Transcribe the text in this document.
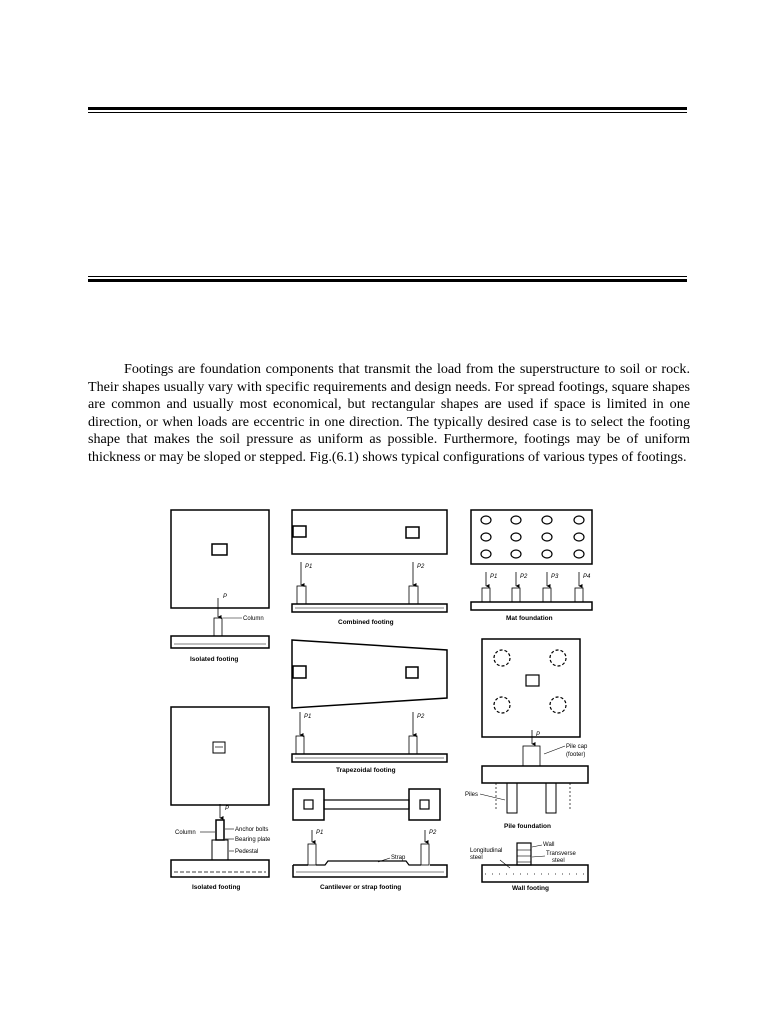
Footings are foundation components that transmit the load from the superstructure to soil or rock. Their shapes usually vary with specific requirements and design needs. For spread footings, square shapes are common and usually most economical, but rectangular shapes are used if space is limited in one direction, or when loads are eccentric in one direction. The typically desired case is to select the footing shape that makes the soil pressure as uniform as possible. Furthermore, footings may be of uniform thickness or may be sloped or stepped. Fig.(6.1) shows typical configurations of various types of footings.

P
Column
Isolated footing
P1	P2
Combined footing
P1	P2	P3	P4
Mat foundation
P1	P2
Trapezoidal footing
P
Pile cap
(footer)
Piles
Pile foundation
P
Column	Anchor bolts
Bearing plate
Pedestal
Isolated footing
P1	P2
Strap
Cantilever or strap footing
Wall
Transverse
steel
Longitudinal
steel
Wall footing
